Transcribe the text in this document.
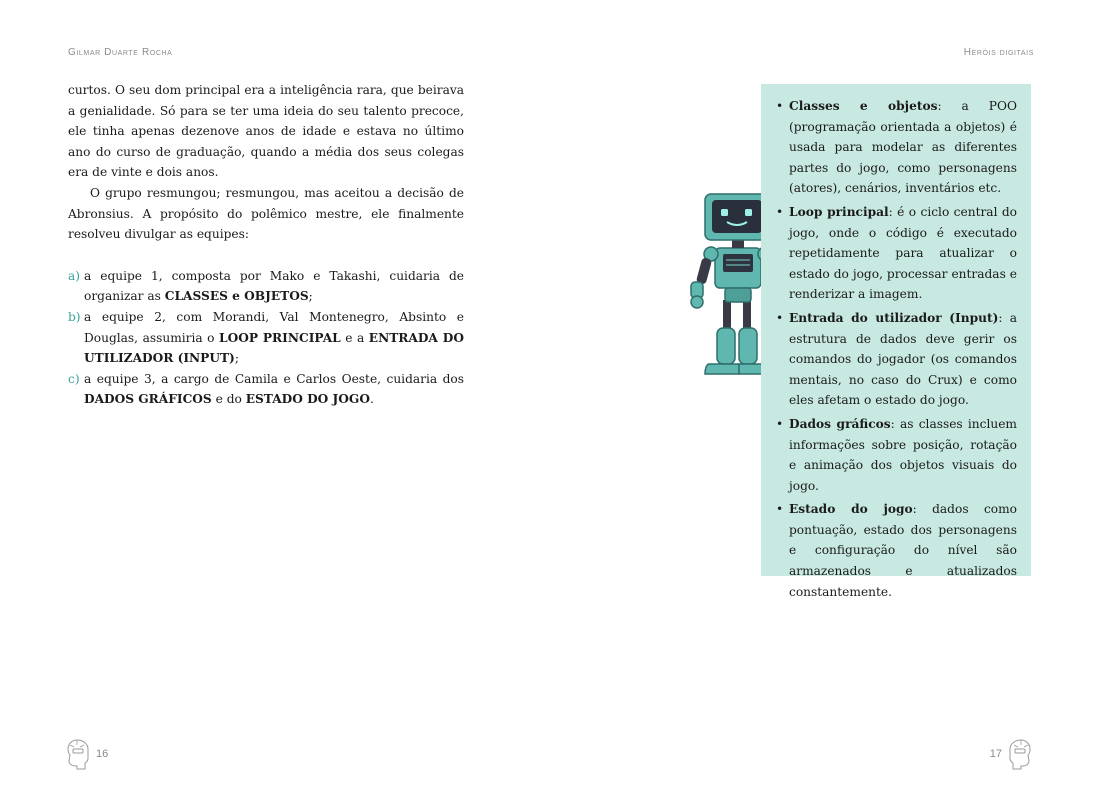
Gilmar Duarte Rocha

curtos. O seu dom principal era a inteligência rara, que beirava a genialidade. Só para se ter uma ideia do seu talento precoce, ele tinha apenas dezenove anos de idade e estava no último ano do curso de graduação, quando a média dos seus colegas era de vinte e dois anos.

O grupo resmungou; resmungou, mas aceitou a decisão de Abronsius. A propósito do polêmico mestre, ele finalmente resolveu divulgar as equipes:

a) a equipe 1, composta por Mako e Takashi, cuidaria de organizar as CLASSES e OBJETOS;
b) a equipe 2, com Morandi, Val Montenegro, Absinto e Douglas, assumiria o LOOP PRINCIPAL e a ENTRADA DO UTILIZADOR (INPUT);
c) a equipe 3, a cargo de Camila e Carlos Oeste, cuidaria dos DADOS GRÁFICOS e do ESTADO DO JOGO.
16
Heróis digitais
• Classes e objetos: a POO (programação orientada a objetos) é usada para modelar as diferentes partes do jogo, como personagens (atores), cenários, inventários etc.
• Loop principal: é o ciclo central do jogo, onde o código é executado repetidamente para atualizar o estado do jogo, processar entradas e renderizar a imagem.
• Entrada do utilizador (Input): a estrutura de dados deve gerir os comandos do jogador (os comandos mentais, no caso do Crux) e como eles afetam o estado do jogo.
• Dados gráficos: as classes incluem informações sobre posição, rotação e animação dos objetos visuais do jogo.
• Estado do jogo: dados como pontuação, estado dos personagens e configuração do nível são armazenados e atualizados constantemente.
17
